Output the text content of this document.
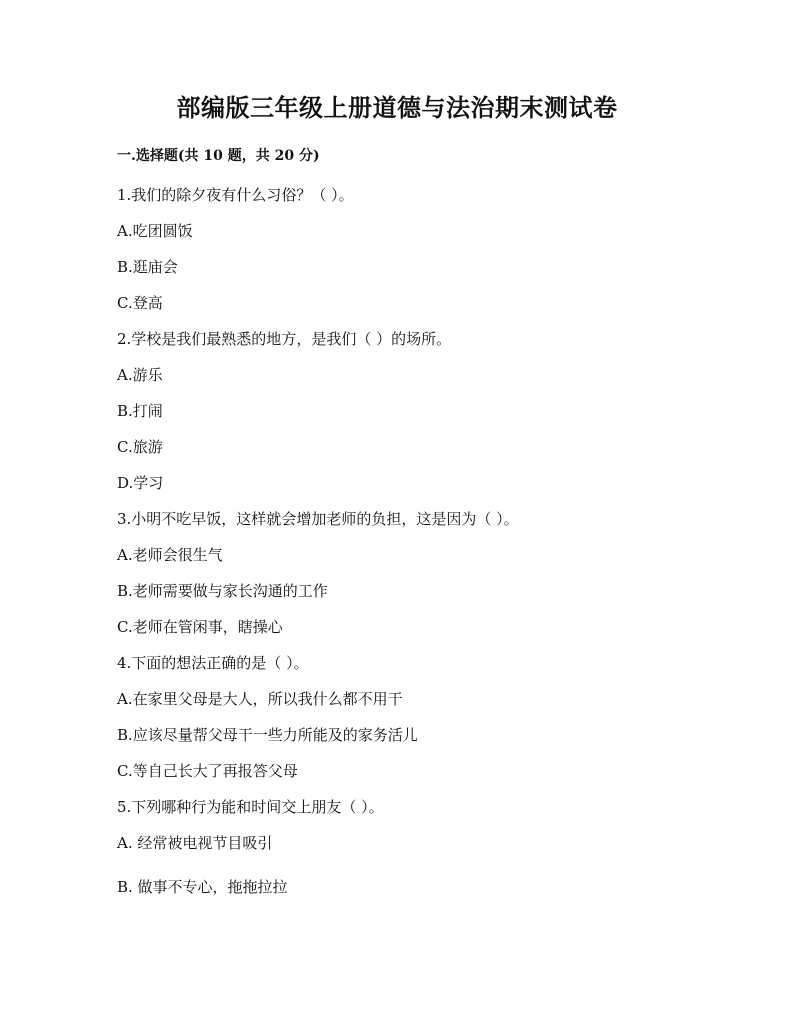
部编版三年级上册道德与法治期末测试卷
一.选择题(共 10 题，共 20 分)
1.我们的除夕夜有什么习俗？（ ）。
A.吃团圆饭
B.逛庙会
C.登高
2.学校是我们最熟悉的地方，是我们（ ）的场所。
A.游乐
B.打闹
C.旅游
D.学习
3.小明不吃早饭，这样就会增加老师的负担，这是因为（ ）。
A.老师会很生气
B.老师需要做与家长沟通的工作
C.老师在管闲事，瞎操心
4.下面的想法正确的是（ ）。
A.在家里父母是大人，所以我什么都不用干
B.应该尽量帮父母干一些力所能及的家务活儿
C.等自己长大了再报答父母
5.下列哪种行为能和时间交上朋友（ ）。
A. 经常被电视节目吸引
B. 做事不专心，拖拖拉拉
